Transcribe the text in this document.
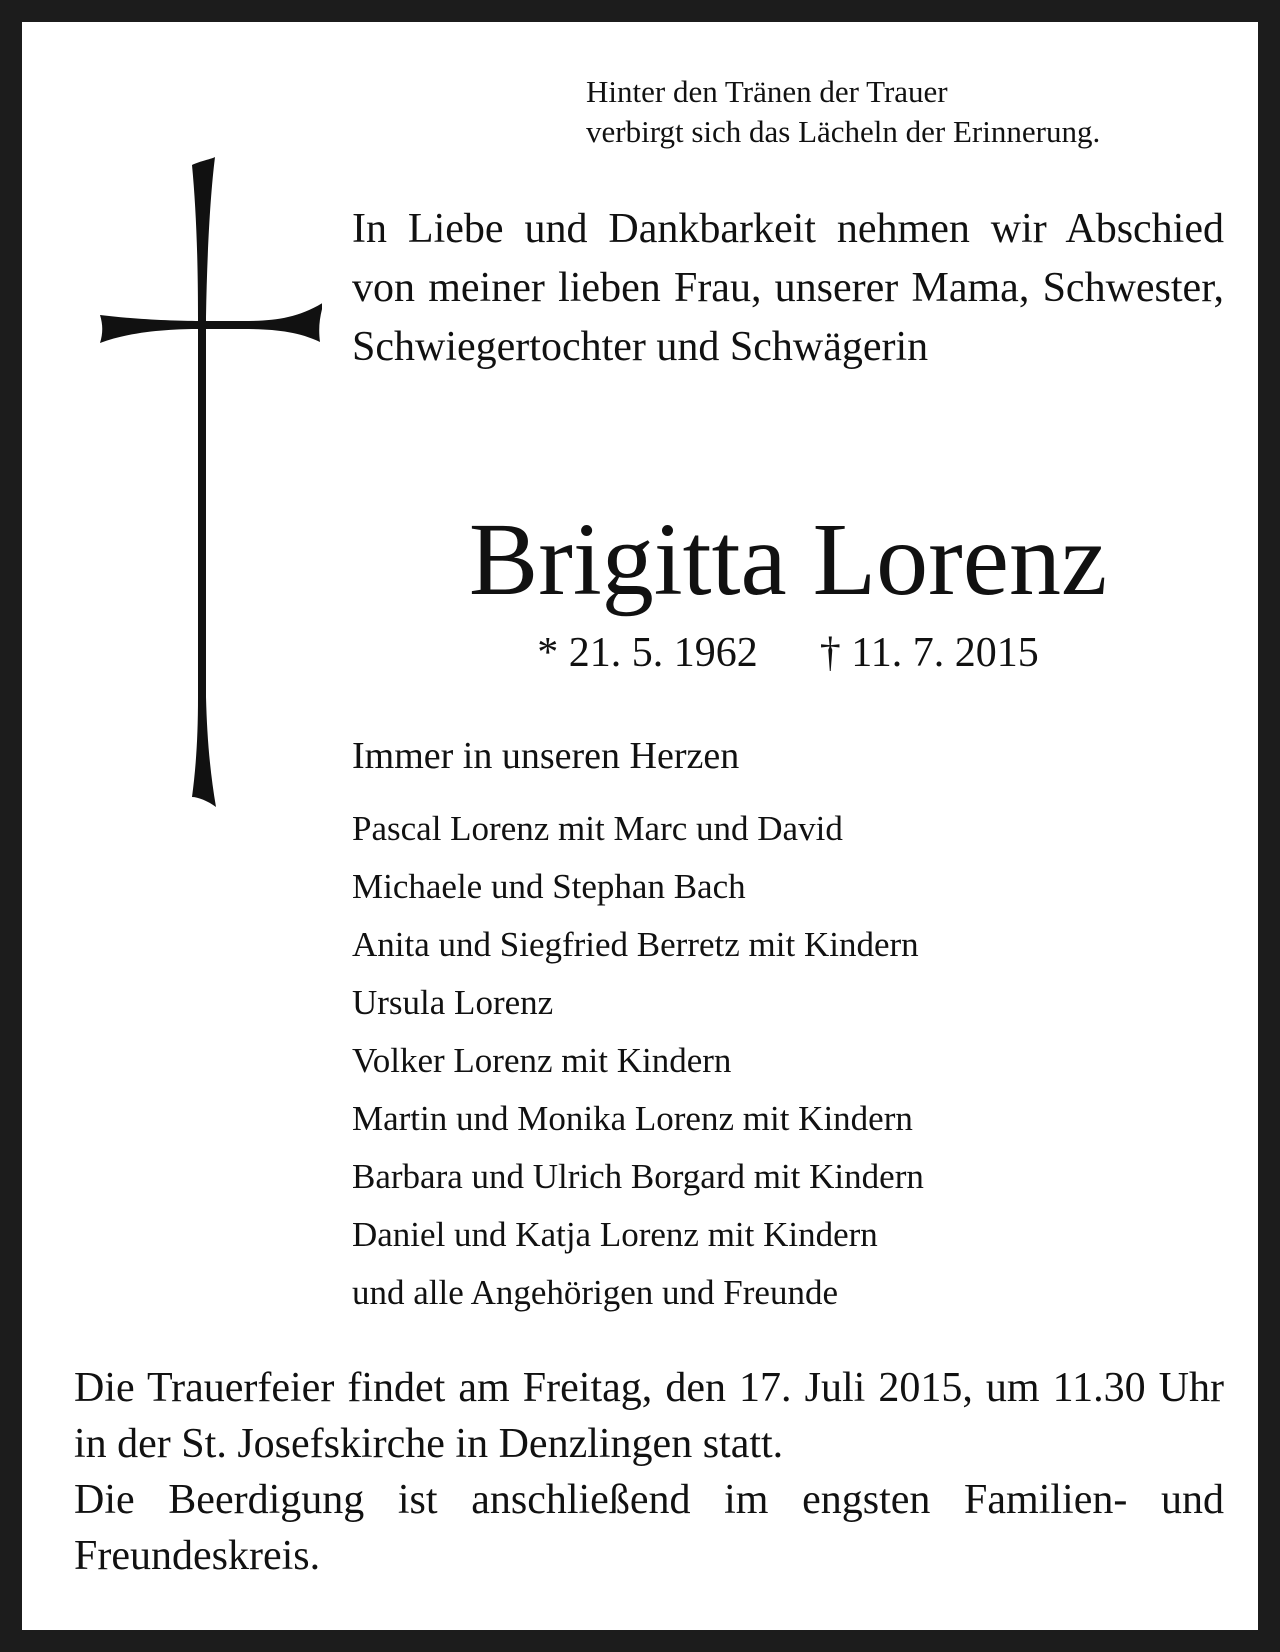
Hinter den Tränen der Trauer
verbirgt sich das Lächeln der Erinnerung.
In Liebe und Dankbarkeit nehmen wir Abschied von meiner lieben Frau, unserer Mama, Schwester, Schwiegertochter und Schwägerin
Brigitta Lorenz
* 21. 5. 1962 † 11. 7. 2015
Immer in unseren Herzen
Pascal Lorenz mit Marc und David
Michaele und Stephan Bach
Anita und Siegfried Berretz mit Kindern
Ursula Lorenz
Volker Lorenz mit Kindern
Martin und Monika Lorenz mit Kindern
Barbara und Ulrich Borgard mit Kindern
Daniel und Katja Lorenz mit Kindern
und alle Angehörigen und Freunde

Die Trauerfeier findet am Freitag, den 17. Juli 2015, um 11.30 Uhr in der St. Josefskirche in Denzlingen statt.

Die Beerdigung ist anschließend im engsten Familien- und Freundeskreis.
